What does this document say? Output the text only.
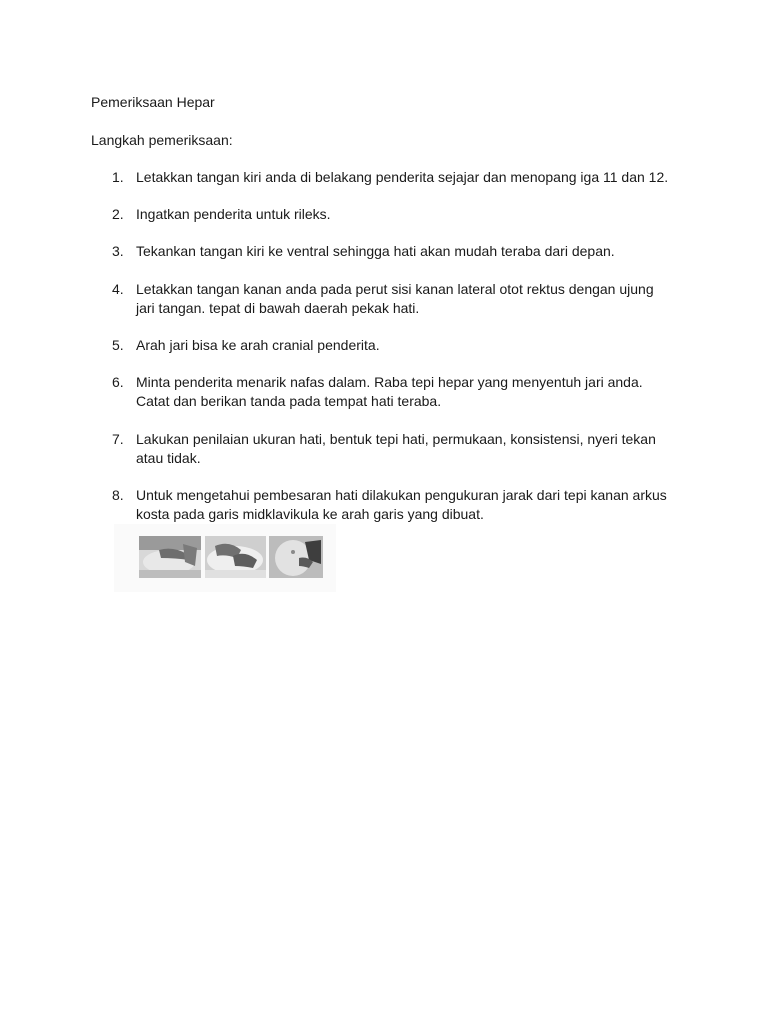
Pemeriksaan Hepar
Langkah pemeriksaan:
1. Letakkan tangan kiri anda di belakang penderita sejajar dan menopang iga 11 dan 12.
2. Ingatkan penderita untuk rileks.
3. Tekankan tangan kiri ke ventral sehingga hati akan mudah teraba dari depan.
4. Letakkan tangan kanan anda pada perut sisi kanan lateral otot rektus dengan ujung jari tangan. tepat di bawah daerah pekak hati.
5. Arah jari bisa ke arah cranial penderita.
6. Minta penderita menarik nafas dalam. Raba tepi hepar yang menyentuh jari anda. Catat dan berikan tanda pada tempat hati teraba.
7. Lakukan penilaian ukuran hati, bentuk tepi hati, permukaan, konsistensi, nyeri tekan atau tidak.
8. Untuk mengetahui pembesaran hati dilakukan pengukuran jarak dari tepi kanan arkus kosta pada garis midklavikula ke arah garis yang dibuat.
